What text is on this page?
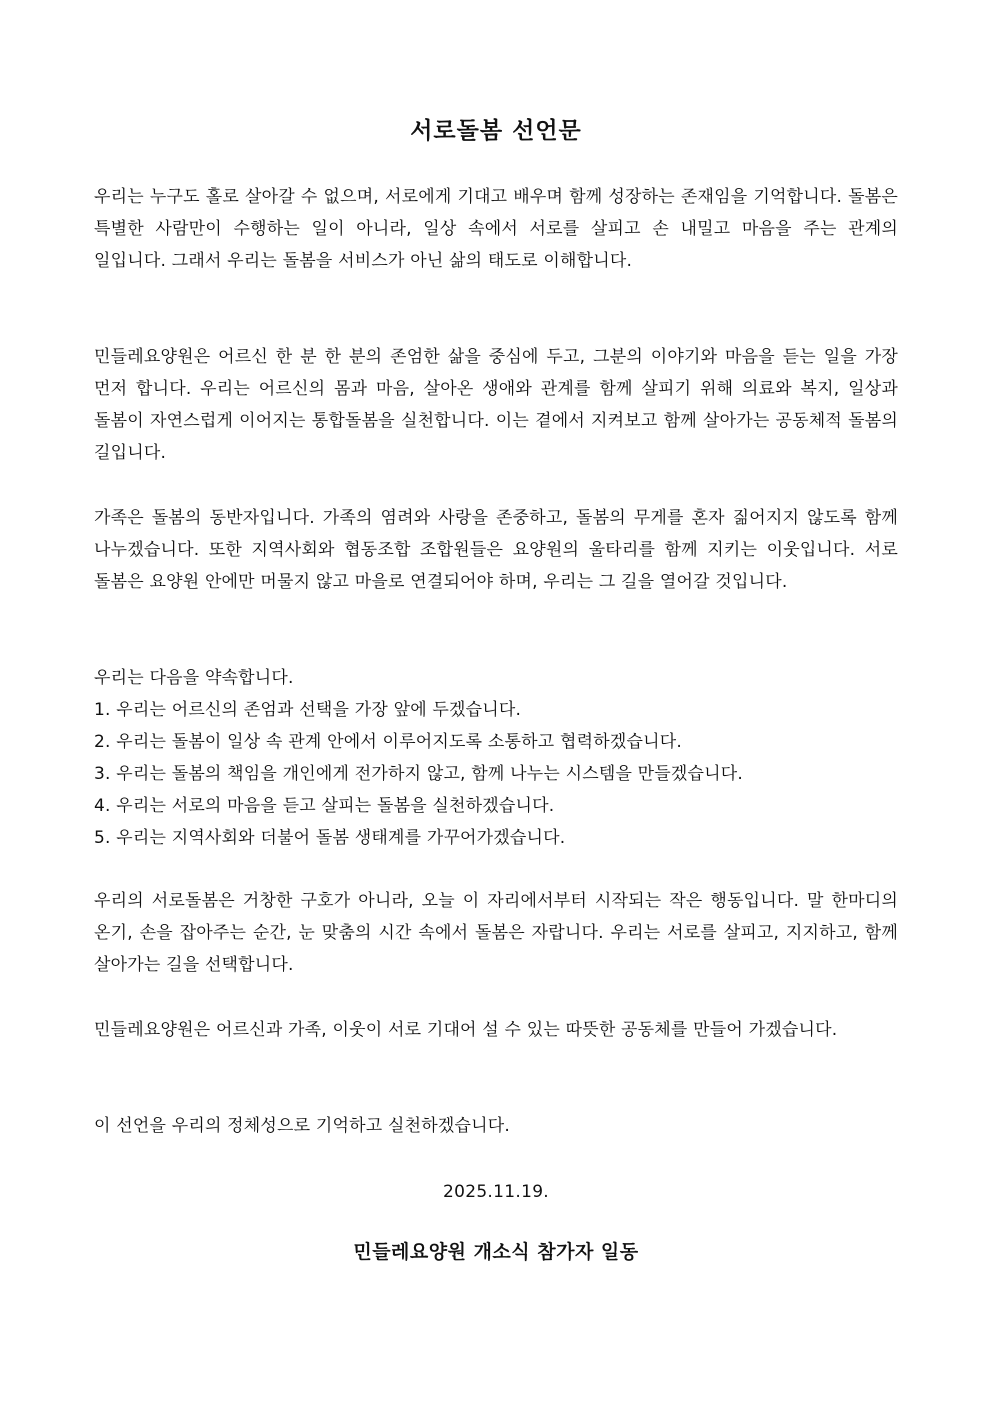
서로돌봄 선언문

우리는 누구도 홀로 살아갈 수 없으며, 서로에게 기대고 배우며 함께 성장하는 존재임을 기억합니다. 돌봄은 특별한 사람만이 수행하는 일이 아니라, 일상 속에서 서로를 살피고 손 내밀고 마음을 주는 관계의 일입니다. 그래서 우리는 돌봄을 서비스가 아닌 삶의 태도로 이해합니다.

민들레요양원은 어르신 한 분 한 분의 존엄한 삶을 중심에 두고, 그분의 이야기와 마음을 듣는 일을 가장 먼저 합니다. 우리는 어르신의 몸과 마음, 살아온 생애와 관계를 함께 살피기 위해 의료와 복지, 일상과 돌봄이 자연스럽게 이어지는 통합돌봄을 실천합니다. 이는 곁에서 지켜보고 함께 살아가는 공동체적 돌봄의 길입니다.

가족은 돌봄의 동반자입니다. 가족의 염려와 사랑을 존중하고, 돌봄의 무게를 혼자 짊어지지 않도록 함께 나누겠습니다. 또한 지역사회와 협동조합 조합원들은 요양원의 울타리를 함께 지키는 이웃입니다. 서로 돌봄은 요양원 안에만 머물지 않고 마을로 연결되어야 하며, 우리는 그 길을 열어갈 것입니다.

우리는 다음을 약속합니다.

1. 우리는 어르신의 존엄과 선택을 가장 앞에 두겠습니다.
2. 우리는 돌봄이 일상 속 관계 안에서 이루어지도록 소통하고 협력하겠습니다.
3. 우리는 돌봄의 책임을 개인에게 전가하지 않고, 함께 나누는 시스템을 만들겠습니다.
4. 우리는 서로의 마음을 듣고 살피는 돌봄을 실천하겠습니다.
5. 우리는 지역사회와 더불어 돌봄 생태계를 가꾸어가겠습니다.

우리의 서로돌봄은 거창한 구호가 아니라, 오늘 이 자리에서부터 시작되는 작은 행동입니다. 말 한마디의 온기, 손을 잡아주는 순간, 눈 맞춤의 시간 속에서 돌봄은 자랍니다. 우리는 서로를 살피고, 지지하고, 함께 살아가는 길을 선택합니다.

민들레요양원은 어르신과 가족, 이웃이 서로 기대어 설 수 있는 따뜻한 공동체를 만들어 가겠습니다.

이 선언을 우리의 정체성으로 기억하고 실천하겠습니다.

2025.11.19.
민들레요양원 개소식 참가자 일동
